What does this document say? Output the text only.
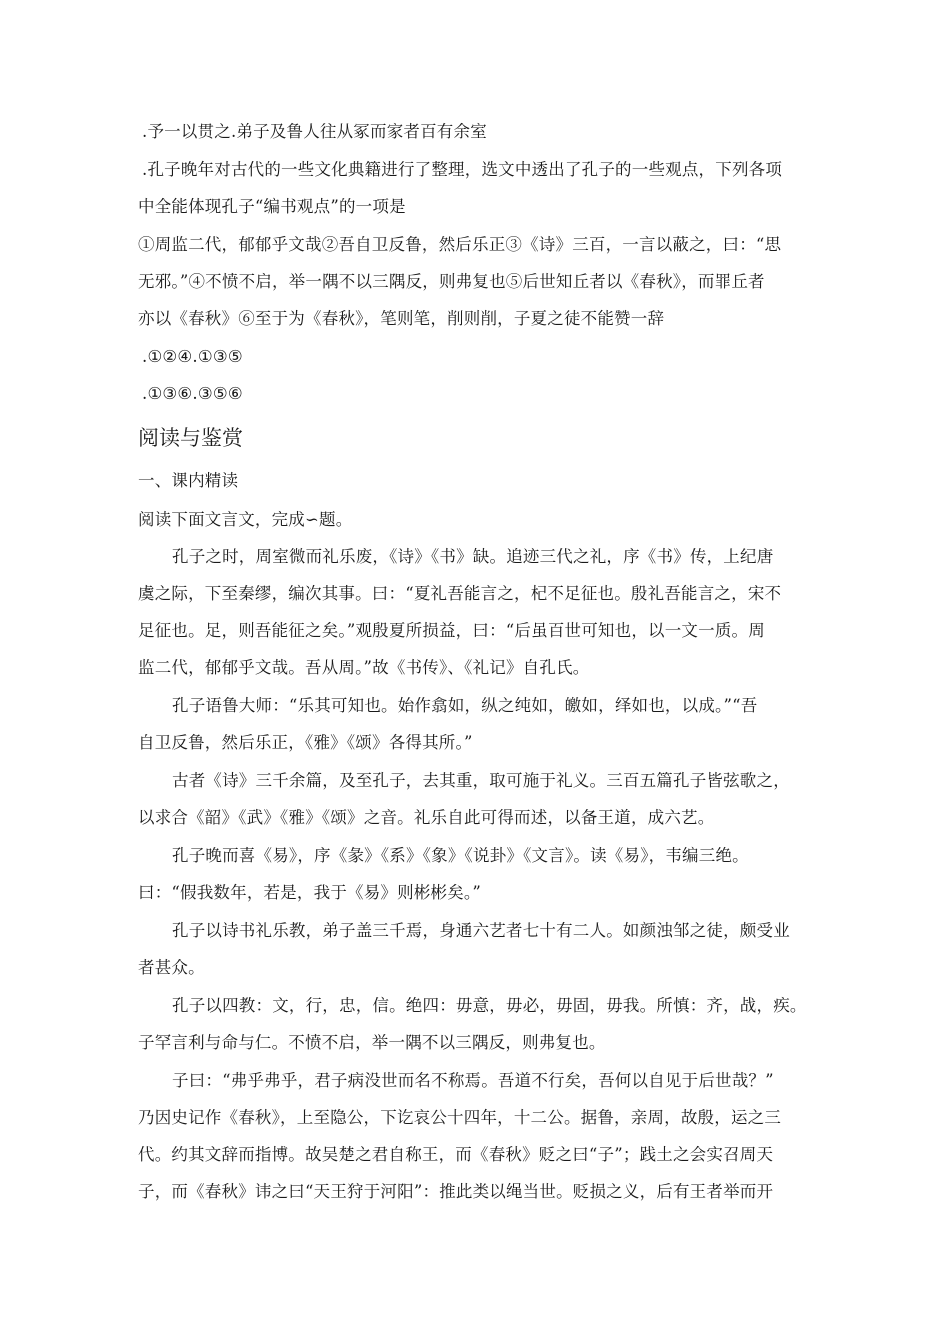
.予一以贯之.弟子及鲁人往从冢而家者百有余室
.孔子晚年对古代的一些文化典籍进行了整理，选文中透出了孔子的一些观点，下列各项
中全能体现孔子“编书观点”的一项是
①周监二代，郁郁乎文哉②吾自卫反鲁，然后乐正③《诗》三百，一言以蔽之，曰：“思
无邪。”④不愤不启，举一隅不以三隅反，则弗复也⑤后世知丘者以《春秋》，而罪丘者
亦以《春秋》⑥至于为《春秋》，笔则笔，削则削，子夏之徒不能赞一辞
.①②④.①③⑤
.①③⑥.③⑤⑥
阅读与鉴赏
一、课内精读
阅读下面文言文，完成∽题。
孔子之时，周室微而礼乐废，《诗》《书》缺。追迹三代之礼，序《书》传，上纪唐
虞之际，下至秦缪，编次其事。曰：“夏礼吾能言之，杞不足征也。殷礼吾能言之，宋不
足征也。足，则吾能征之矣。”观殷夏所损益，曰：“后虽百世可知也，以一文一质。周
监二代，郁郁乎文哉。吾从周。”故《书传》、《礼记》自孔氏。
孔子语鲁大师：“乐其可知也。始作翕如，纵之纯如，皦如，绎如也，以成。”“吾
自卫反鲁，然后乐正，《雅》《颂》各得其所。”
古者《诗》三千余篇，及至孔子，去其重，取可施于礼义。三百五篇孔子皆弦歌之，
以求合《韶》《武》《雅》《颂》之音。礼乐自此可得而述，以备王道，成六艺。
孔子晚而喜《易》，序《彖》《系》《象》《说卦》《文言》。读《易》，韦编三绝。
曰：“假我数年，若是，我于《易》则彬彬矣。”
孔子以诗书礼乐教，弟子盖三千焉，身通六艺者七十有二人。如颜浊邹之徒，颇受业
者甚众。
孔子以四教：文，行，忠，信。绝四：毋意，毋必，毋固，毋我。所慎：齐，战，疾。
子罕言利与命与仁。不愤不启，举一隅不以三隅反，则弗复也。
子曰：“弗乎弗乎，君子病没世而名不称焉。吾道不行矣，吾何以自见于后世哉？”
乃因史记作《春秋》，上至隐公，下讫哀公十四年，十二公。据鲁，亲周，故殷，运之三
代。约其文辞而指博。故吴楚之君自称王，而《春秋》贬之曰“子”；践土之会实召周天
子，而《春秋》讳之曰“天王狩于河阳”：推此类以绳当世。贬损之义，后有王者举而开
